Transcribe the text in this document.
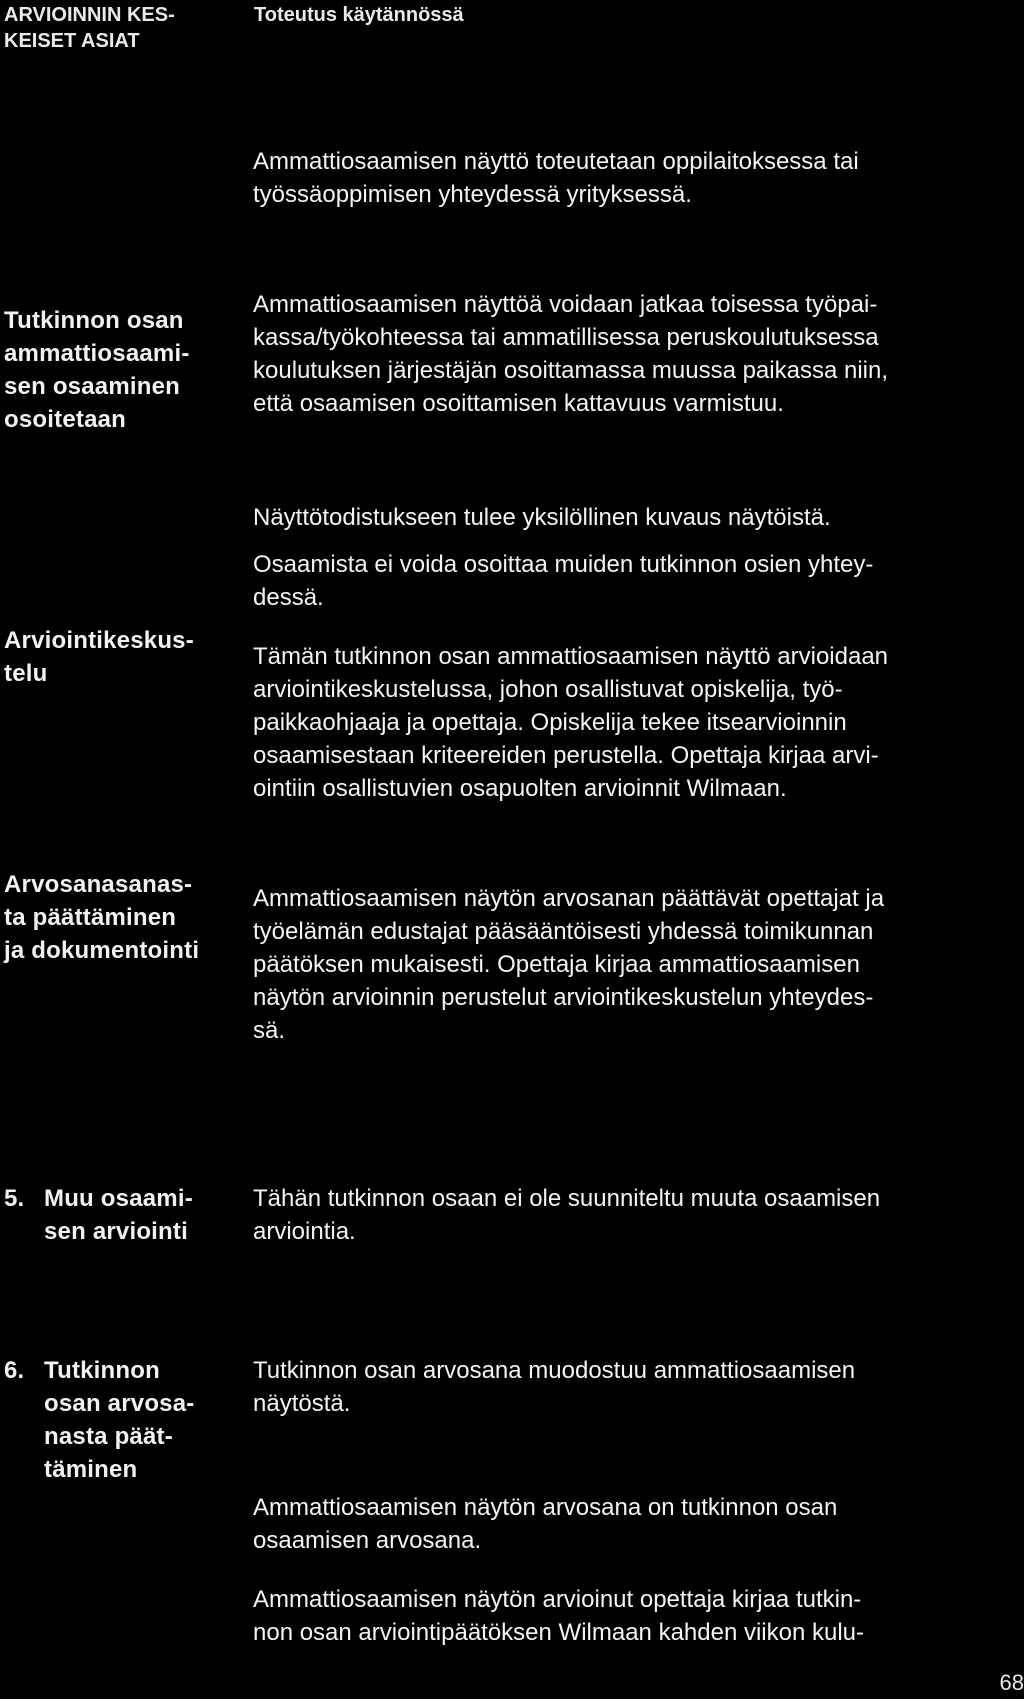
ARVIOINNIN KES-
KEISET ASIAT
Toteutus käytännössä
Ammattiosaamisen näyttö toteutetaan oppilaitoksessa tai
työssäoppimisen yhteydessä yrityksessä.
Tutkinnon osan
ammattiosaami-
sen osaaminen
osoitetaan
Ammattiosaamisen näyttöä voidaan jatkaa toisessa työpai-
kassa/työkohteessa tai ammatillisessa peruskoulutuksessa
koulutuksen järjestäjän osoittamassa muussa paikassa niin,
että osaamisen osoittamisen kattavuus varmistuu.
Näyttötodistukseen tulee yksilöllinen kuvaus näytöistä.
Osaamista ei voida osoittaa muiden tutkinnon osien yhtey-
dessä.
Arviointikeskus-
telu
Tämän tutkinnon osan ammattiosaamisen näyttö arvioidaan
arviointikeskustelussa, johon osallistuvat opiskelija, työ-
paikkaohjaaja ja opettaja. Opiskelija tekee itsearvioinnin
osaamisestaan kriteereiden perustella. Opettaja kirjaa arvi-
ointiin osallistuvien osapuolten arvioinnit Wilmaan.
Arvosanasanas-
ta päättäminen
ja dokumentointi
Ammattiosaamisen näytön arvosanan päättävät opettajat ja
työelämän edustajat pääsääntöisesti yhdessä toimikunnan
päätöksen mukaisesti. Opettaja kirjaa ammattiosaamisen
näytön arvioinnin perustelut arviointikeskustelun yhteydes-
sä.
5. Muu osaami-
sen arviointi
Tähän tutkinnon osaan ei ole suunniteltu muuta osaamisen
arviointia.
6. Tutkinnon
osan arvosa-
nasta päät-
täminen
Tutkinnon osan arvosana muodostuu ammattiosaamisen
näytöstä.
Ammattiosaamisen näytön arvosana on tutkinnon osan
osaamisen arvosana.
Ammattiosaamisen näytön arvioinut opettaja kirjaa tutkin-
non osan arviointipäätöksen Wilmaan kahden viikon kulu-
68
